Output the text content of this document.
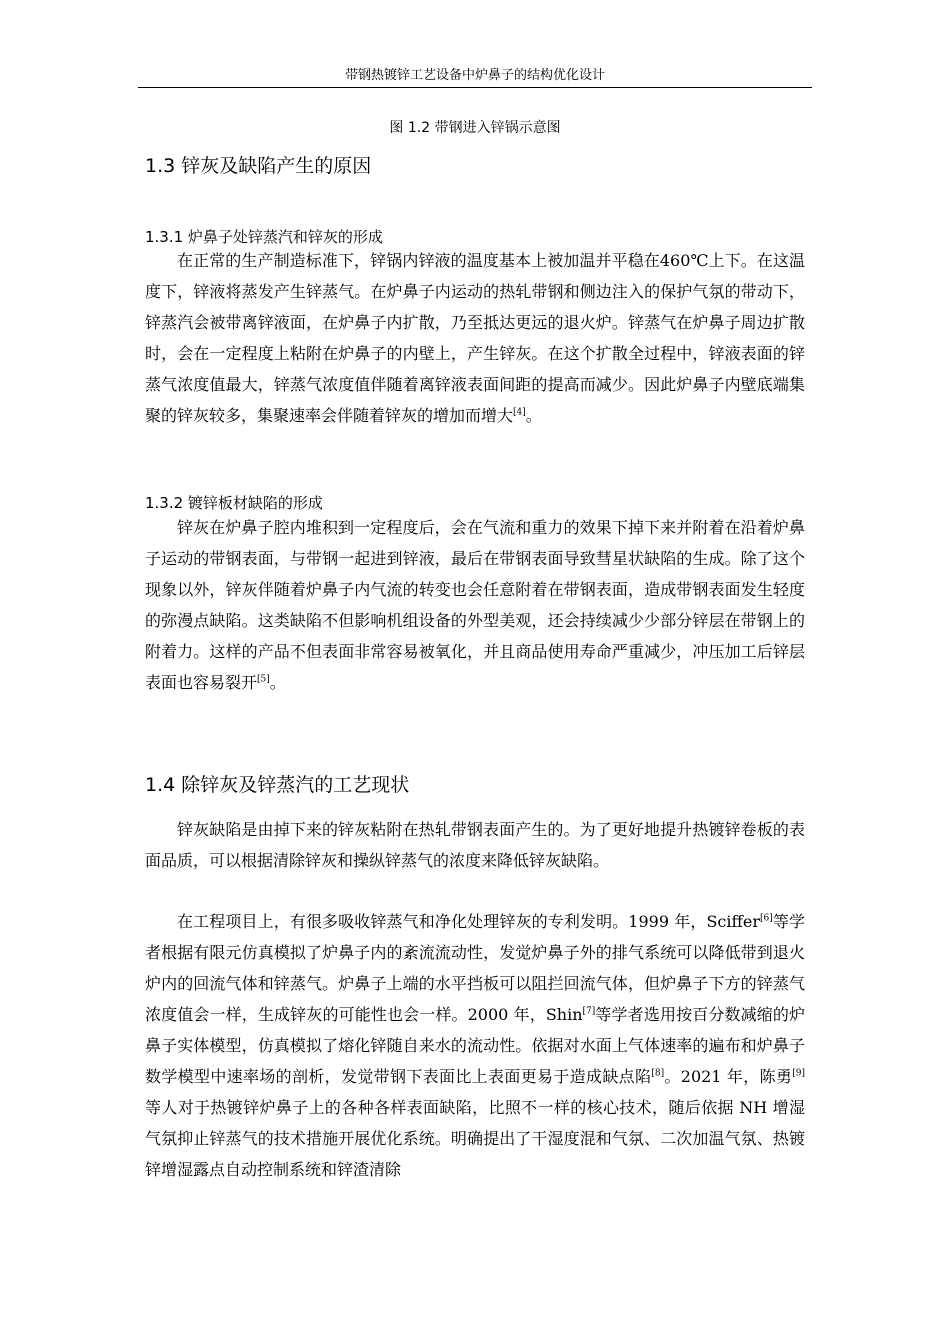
带钢热镀锌工艺设备中炉鼻子的结构优化设计
图 1.2 带钢进入锌锅示意图
1.3 锌灰及缺陷产生的原因
1.3.1 炉鼻子处锌蒸汽和锌灰的形成
在正常的生产制造标准下，锌锅内锌液的温度基本上被加温并平稳在460℃上下。在这温度下，锌液将蒸发产生锌蒸气。在炉鼻子内运动的热轧带钢和侧边注入的保护气氛的带动下，锌蒸汽会被带离锌液面，在炉鼻子内扩散，乃至抵达更远的退火炉。锌蒸气在炉鼻子周边扩散时，会在一定程度上粘附在炉鼻子的内壁上，产生锌灰。在这个扩散全过程中，锌液表面的锌蒸气浓度值最大，锌蒸气浓度值伴随着离锌液表面间距的提高而减少。因此炉鼻子内壁底端集聚的锌灰较多，集聚速率会伴随着锌灰的增加而增大[4]。
1.3.2 镀锌板材缺陷的形成
锌灰在炉鼻子腔内堆积到一定程度后，会在气流和重力的效果下掉下来并附着在沿着炉鼻子运动的带钢表面，与带钢一起进到锌液，最后在带钢表面导致彗星状缺陷的生成。除了这个现象以外，锌灰伴随着炉鼻子内气流的转变也会任意附着在带钢表面，造成带钢表面发生轻度的弥漫点缺陷。这类缺陷不但影响机组设备的外型美观，还会持续减少少部分锌层在带钢上的附着力。这样的产品不但表面非常容易被氧化，并且商品使用寿命严重减少，冲压加工后锌层表面也容易裂开[5]。
1.4 除锌灰及锌蒸汽的工艺现状
锌灰缺陷是由掉下来的锌灰粘附在热轧带钢表面产生的。为了更好地提升热镀锌卷板的表面品质，可以根据清除锌灰和操纵锌蒸气的浓度来降低锌灰缺陷。
在工程项目上，有很多吸收锌蒸气和净化处理锌灰的专利发明。1999 年，Sciffer[6]等学者根据有限元仿真模拟了炉鼻子内的紊流流动性，发觉炉鼻子外的排气系统可以降低带到退火炉内的回流气体和锌蒸气。炉鼻子上端的水平挡板可以阻拦回流气体，但炉鼻子下方的锌蒸气浓度值会一样，生成锌灰的可能性也会一样。2000 年，Shin[7]等学者选用按百分数减缩的炉鼻子实体模型，仿真模拟了熔化锌随自来水的流动性。依据对水面上气体速率的遍布和炉鼻子数学模型中速率场的剖析，发觉带钢下表面比上表面更易于造成缺点陷[8]。2021 年，陈勇[9]等人对于热镀锌炉鼻子上的各种各样表面缺陷，比照不一样的核心技术，随后依据 NH 增湿气氛抑止锌蒸气的技术措施开展优化系统。明确提出了干湿度混和气氛、二次加温气氛、热镀锌增湿露点自动控制系统和锌渣清除
